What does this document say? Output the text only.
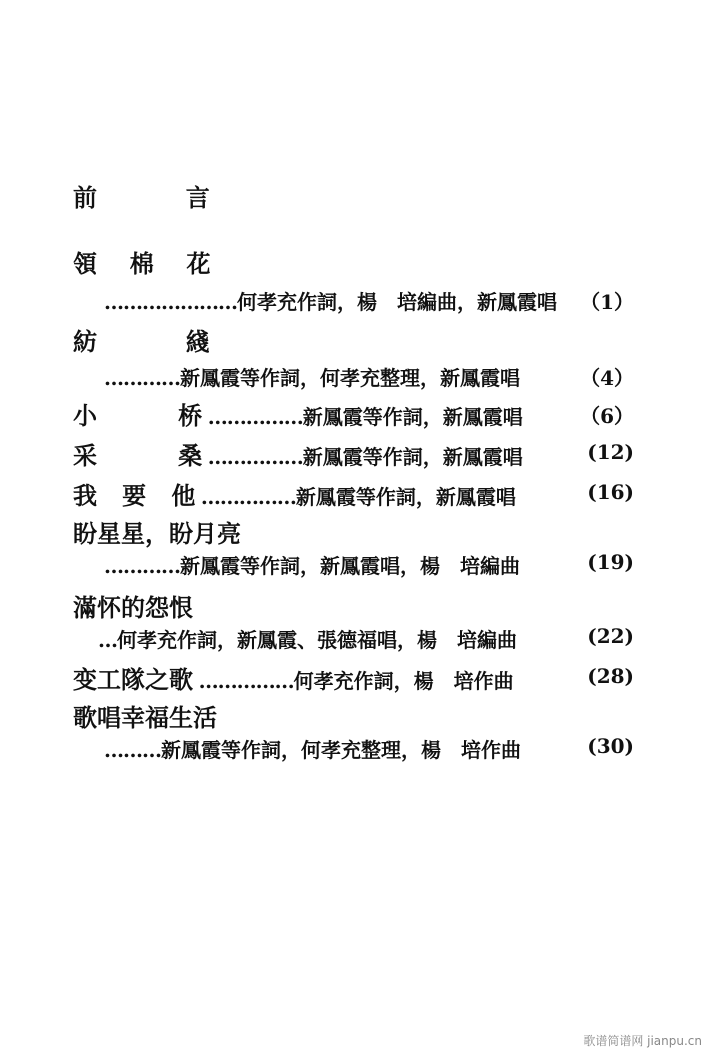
前	言
領 棉 花
…………………何孝充作詞，楊　培編曲，新鳳霞唱 （1）
紡	綫
…………新鳳霞等作詞，何孝充整理，新鳳霞唱	（4）
小	桥 ……………新鳳霞等作詞，新鳳霞唱	（6）
采	桑 ……………新鳳霞等作詞，新鳳霞唱	(12)
我 要 他 ……………新鳳霞等作詞，新鳳霞唱	(16)
盼星星，盼月亮
…………新鳳霞等作詞，新鳳霞唱，楊　培編曲	(19)
滿怀的怨恨
…何孝充作詞，新鳳霞、張德福唱，楊　培編曲	(22)
变工隊之歌 ……………何孝充作詞，楊　培作曲	(28)
歌唱幸福生活
………新鳳霞等作詞，何孝充整理，楊　培作曲	(30)
歌谱简谱网 jianpu.cn
